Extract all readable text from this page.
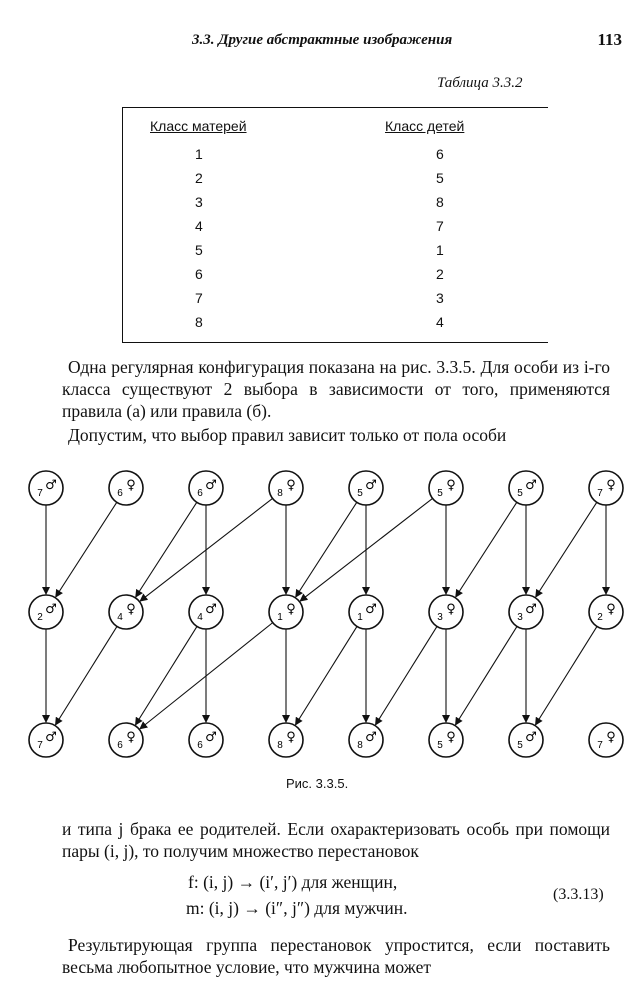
3.3. Другие абстрактные изображения	113
Таблица 3.3.2
Класс матерей	Класс детей
1	6
2	5
3	8
4	7
5	1
6	2
7	3
8	4

Одна регулярная конфигурация показана на рис. 3.3.5. Для особи из i-го класса существуют 2 выбора в зависимости от того, применяются правила (а) или правила (б).

Допустим, что выбор правил зависит только от пола особи

7
♂
6
♀
6
♂
8
♀
5
♂
5
♀
5
♂
7
♀
2
♂
4
♀
4
♂
1
♀
1
♂
3
♀
3
♂
2
♀
7
♂
6
♀
6
♂
8
♀
8
♂
5
♀
5
♂
7
♀
Рис. 3.3.5.

и типа j брака ее родителей. Если охарактеризовать особь при помощи пары (i, j), то получим множество перестановок

f: (i, j) → (i′, j′) для женщин,
m: (i, j) → (i″, j″) для мужчин.
(3.3.13)

Результирующая группа перестановок упростится, если поставить весьма любопытное условие, что мужчина может
